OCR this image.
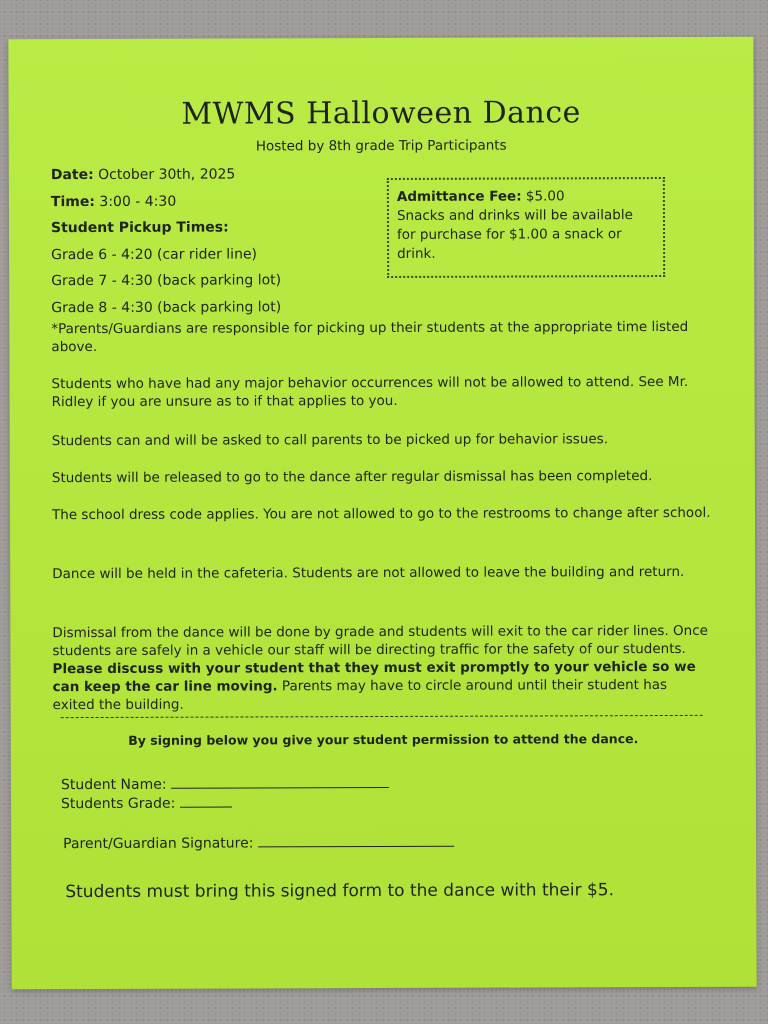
MWMS Halloween Dance
Hosted by 8th grade Trip Participants
Date: October 30th, 2025
Time: 3:00 - 4:30
Student Pickup Times:
Grade 6 - 4:20 (car rider line)
Grade 7 - 4:30 (back parking lot)
Grade 8 - 4:30 (back parking lot)
Admittance Fee: $5.00
Snacks and drinks will be available
for purchase for $1.00 a snack or
drink.
*Parents/Guardians are responsible for picking up their students at the appropriate time listed above.
Students who have had any major behavior occurrences will not be allowed to attend. See Mr. Ridley if you are unsure as to if that applies to you.
Students can and will be asked to call parents to be picked up for behavior issues.
Students will be released to go to the dance after regular dismissal has been completed.
The school dress code applies. You are not allowed to go to the restrooms to change after school.
Dance will be held in the cafeteria. Students are not allowed to leave the building and return.
Dismissal from the dance will be done by grade and students will exit to the car rider lines. Once students are safely in a vehicle our staff will be directing traffic for the safety of our students. Please discuss with your student that they must exit promptly to your vehicle so we can keep the car line moving. Parents may have to circle around until their student has exited the building.
By signing below you give your student permission to attend the dance.
Student Name:
Students Grade:
Parent/Guardian Signature:
Students must bring this signed form to the dance with their $5.
